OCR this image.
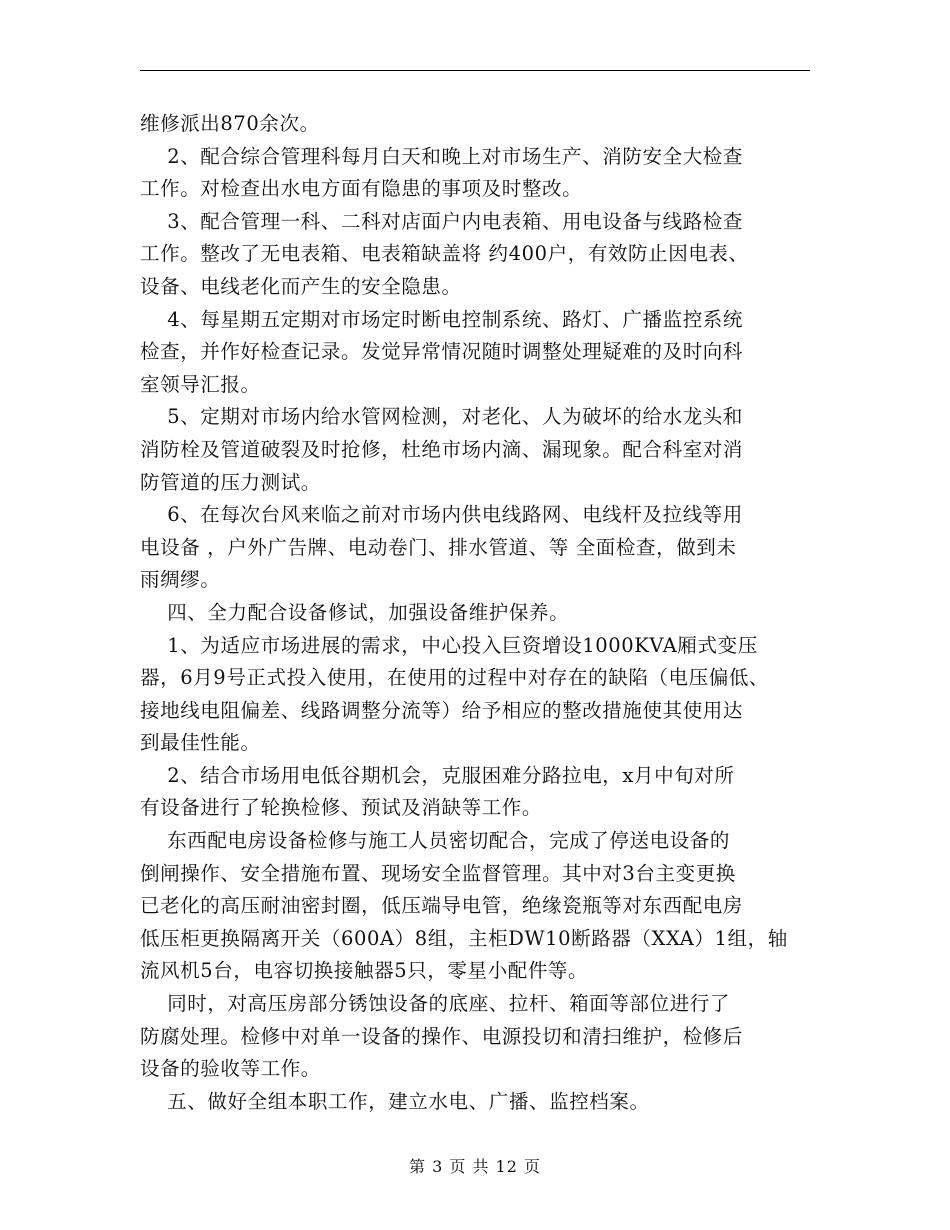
维修派出870余次。
2、配合综合管理科每月白天和晚上对市场生产、消防安全大检查
工作。对检查出水电方面有隐患的事项及时整改。
3、配合管理一科、二科对店面户内电表箱、用电设备与线路检查
工作。整改了无电表箱、电表箱缺盖将 约400户，有效防止因电表、
设备、电线老化而产生的安全隐患。
4、每星期五定期对市场定时断电控制系统、路灯、广播监控系统
检查，并作好检查记录。发觉异常情况随时调整处理疑难的及时向科
室领导汇报。
5、定期对市场内给水管网检测，对老化、人为破坏的给水龙头和
消防栓及管道破裂及时抢修，杜绝市场内滴、漏现象。配合科室对消
防管道的压力测试。
6、在每次台风来临之前对市场内供电线路网、电线杆及拉线等用
电设备 ，户外广告牌、电动卷门、排水管道、等 全面检查，做到未
雨绸缪。
四、全力配合设备修试，加强设备维护保养。
1、为适应市场进展的需求，中心投入巨资增设1000KVA厢式变压
器，6月9号正式投入使用，在使用的过程中对存在的缺陷（电压偏低、
接地线电阻偏差、线路调整分流等）给予相应的整改措施使其使用达
到最佳性能。
2、结合市场用电低谷期机会，克服困难分路拉电，x月中旬对所
有设备进行了轮换检修、预试及消缺等工作。
东西配电房设备检修与施工人员密切配合，完成了停送电设备的
倒闸操作、安全措施布置、现场安全监督管理。其中对3台主变更换
已老化的高压耐油密封圈，低压端导电管，绝缘瓷瓶等对东西配电房
低压柜更换隔离开关（600A）8组，主柜DW10断路器（XXA）1组，轴
流风机5台，电容切换接触器5只，零星小配件等。
同时，对高压房部分锈蚀设备的底座、拉杆、箱面等部位进行了
防腐处理。检修中对单一设备的操作、电源投切和清扫维护，检修后
设备的验收等工作。
五、做好全组本职工作，建立水电、广播、监控档案。
第 3 页 共 12 页
